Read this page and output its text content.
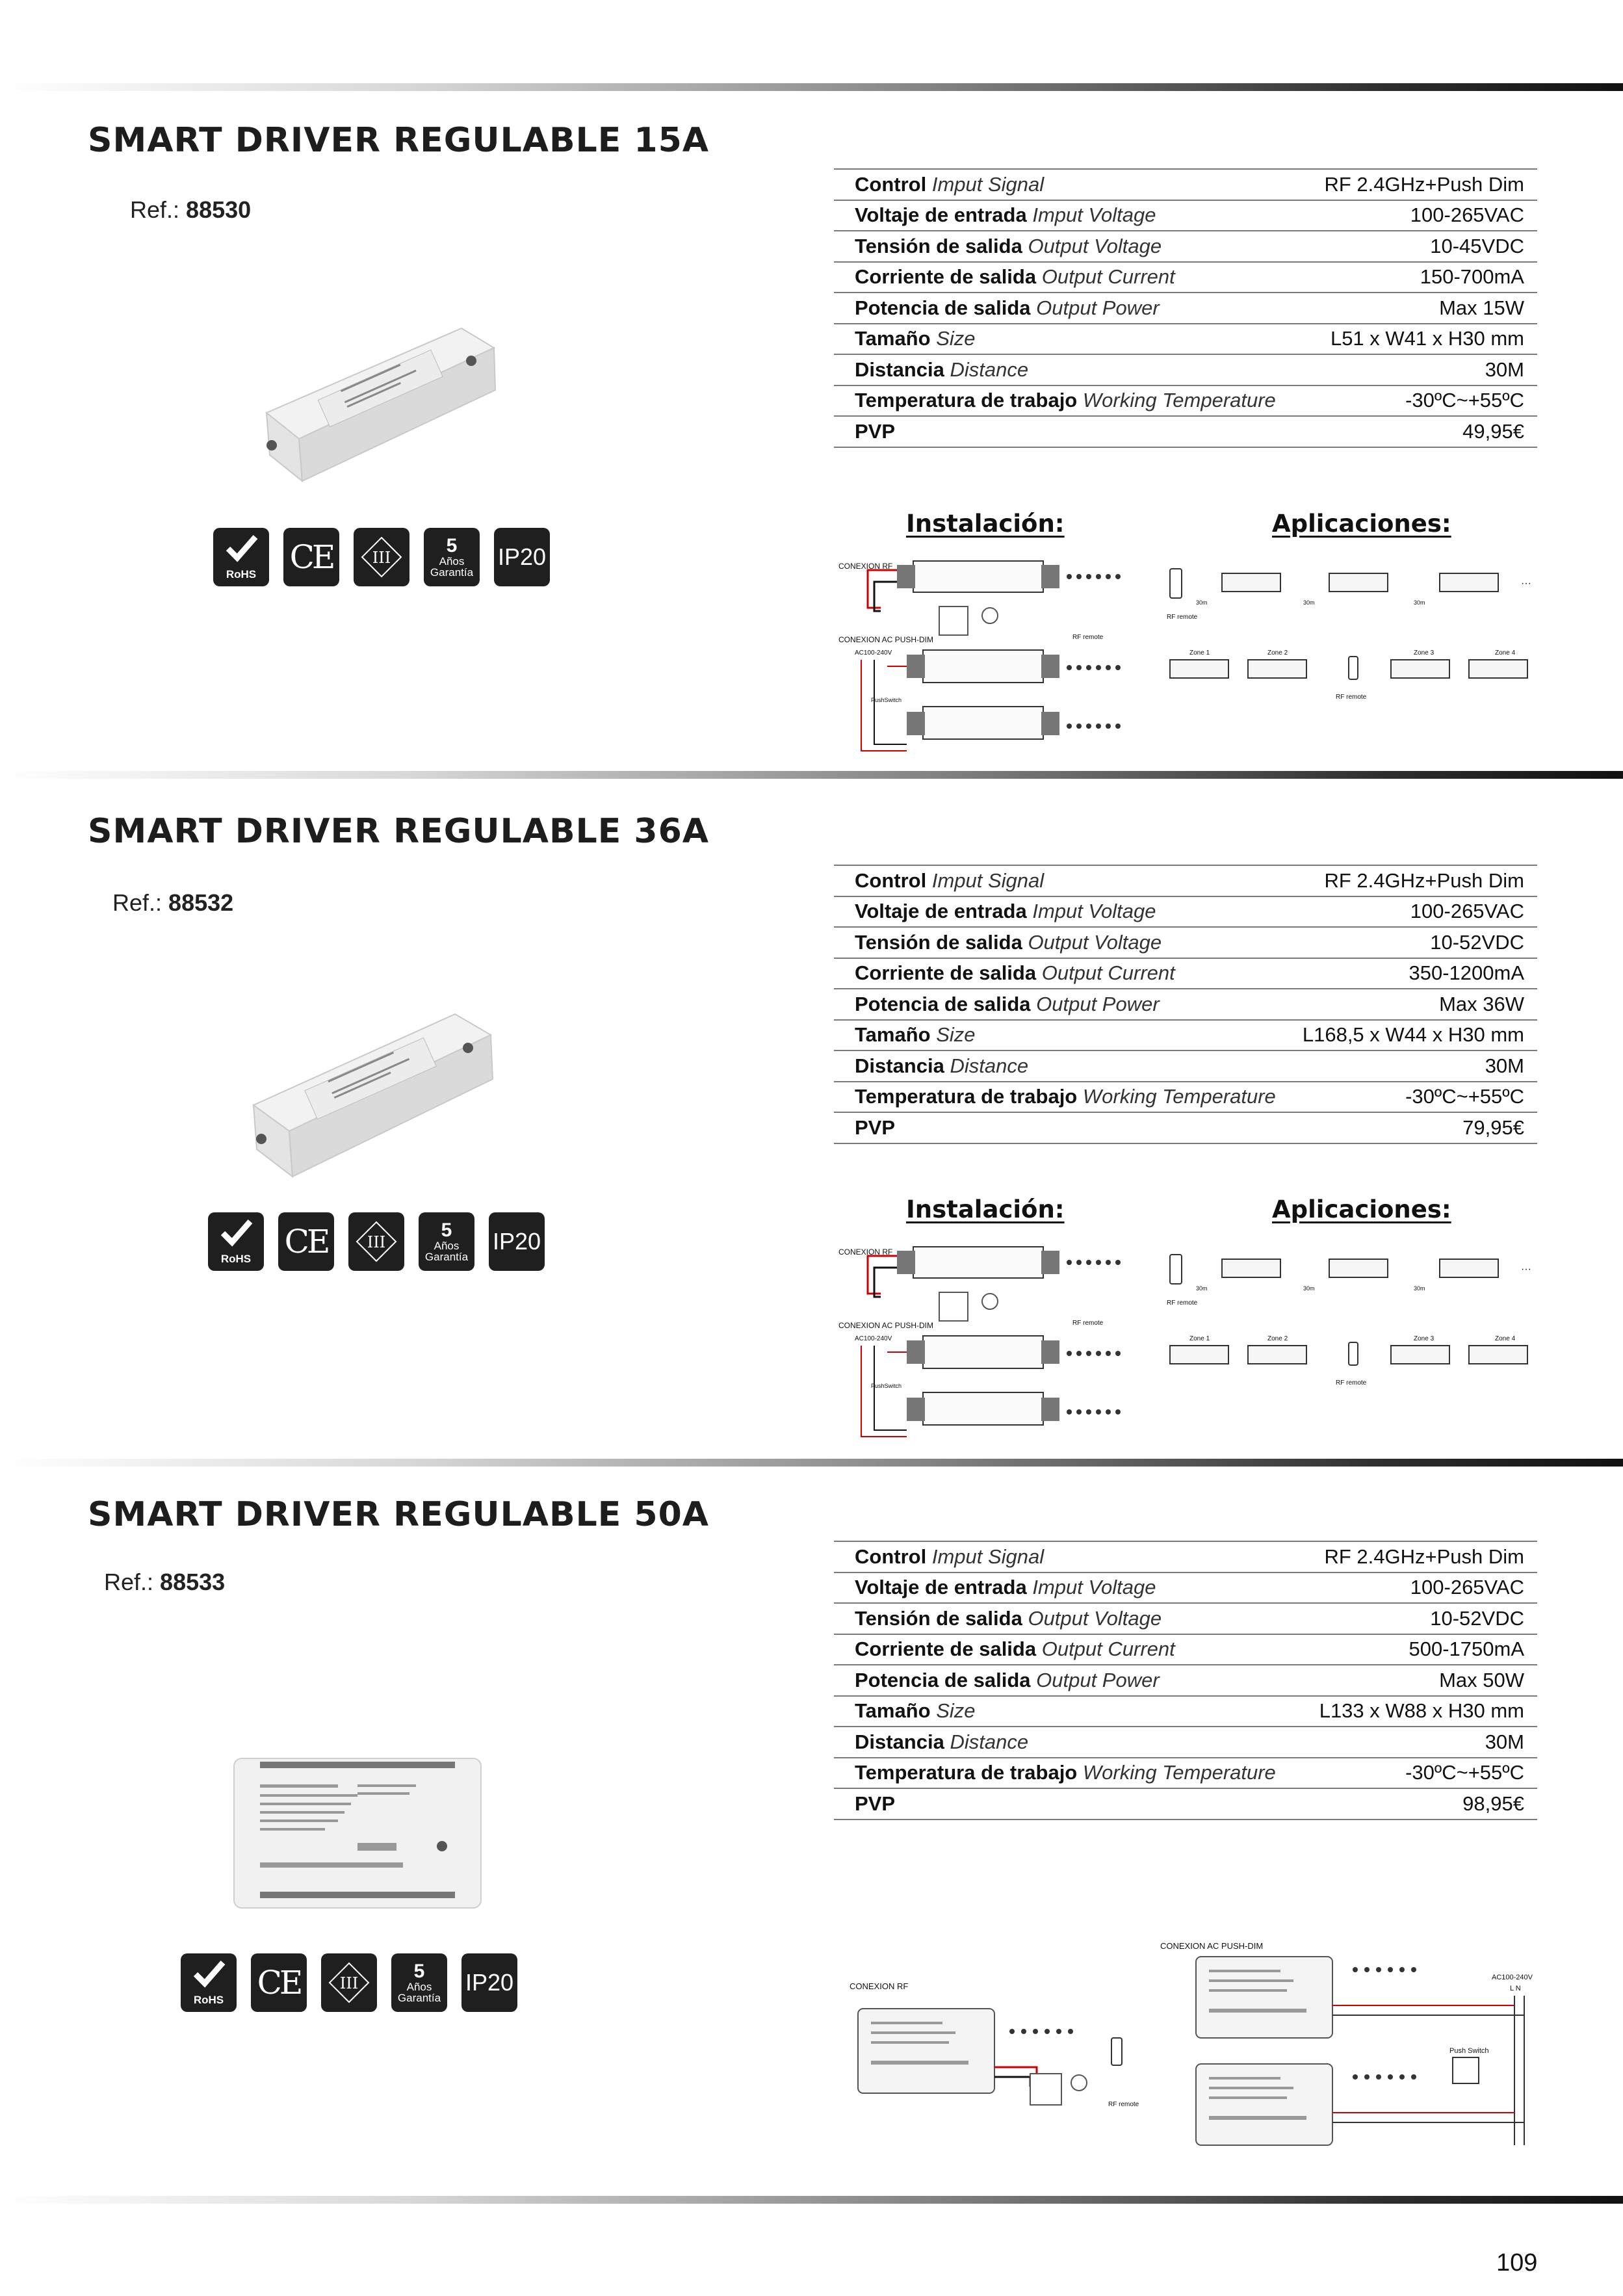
SMART DRIVER REGULABLE 15A
Ref.: 88530
Control Imput Signal	RF 2.4GHz+Push Dim
Voltaje de entrada Imput Voltage	100-265VAC
Tensión de salida Output Voltage	10-45VDC
Corriente de salida Output Current	150-700mA
Potencia de salida Output Power	Max 15W
Tamaño Size	L51 x W41 x H30 mm
Distancia Distance	30M
Temperatura de trabajo Working Temperature	-30ºC~+55ºC
PVP	49,95€
RoHS	CE	III
5
Años
Garantía
IP20
Instalación:	Aplicaciones:
CONEXION RF
RF remote
CONEXION AC PUSH-DIM
AC100-240V
PushSwitch
RF remote
30m	30m	30m
···
Zone 1	Zone 2	Zone 3	Zone 4
RF remote
SMART DRIVER REGULABLE 36A
Ref.: 88532
Control Imput Signal	RF 2.4GHz+Push Dim
Voltaje de entrada Imput Voltage	100-265VAC
Tensión de salida Output Voltage	10-52VDC
Corriente de salida Output Current	350-1200mA
Potencia de salida Output Power	Max 36W
Tamaño Size	L168,5 x W44 x H30 mm
Distancia Distance	30M
Temperatura de trabajo Working Temperature	-30ºC~+55ºC
PVP	79,95€
RoHS	CE	III
5
Años
Garantía
IP20
Instalación:	Aplicaciones:
CONEXION RF
RF remote
CONEXION AC PUSH-DIM
AC100-240V
PushSwitch
RF remote
30m	30m	30m
···
Zone 1	Zone 2	Zone 3	Zone 4
RF remote
SMART DRIVER REGULABLE 50A
Ref.: 88533
Control Imput Signal	RF 2.4GHz+Push Dim
Voltaje de entrada Imput Voltage	100-265VAC
Tensión de salida Output Voltage	10-52VDC
Corriente de salida Output Current	500-1750mA
Potencia de salida Output Power	Max 50W
Tamaño Size	L133 x W88 x H30 mm
Distancia Distance	30M
Temperatura de trabajo Working Temperature	-30ºC~+55ºC
PVP	98,95€
RoHS	CE	III
5
Años
Garantía
IP20
CONEXION AC PUSH-DIM
CONEXION RF
RF remote
AC100-240V
L N
Push Switch
109
